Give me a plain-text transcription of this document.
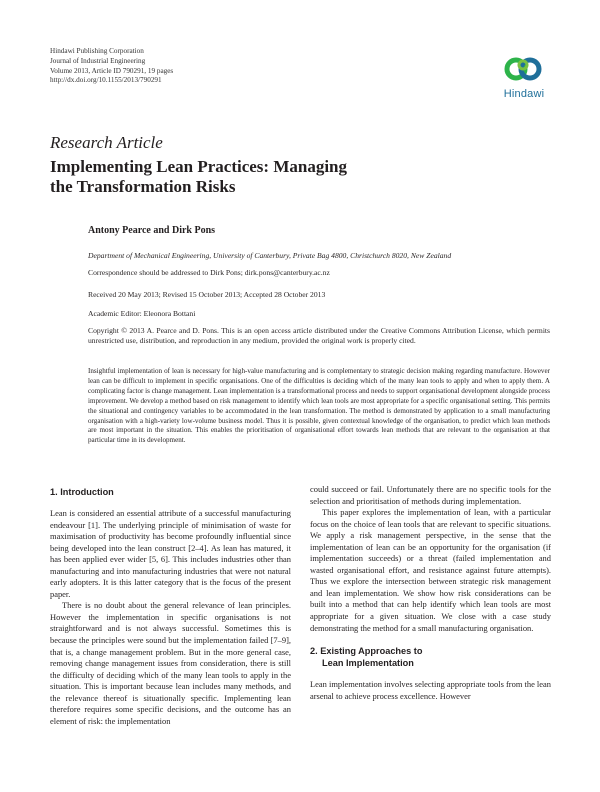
Hindawi Publishing Corporation
Journal of Industrial Engineering
Volume 2013, Article ID 790291, 19 pages
http://dx.doi.org/10.1155/2013/790291
Hindawi
Research Article
Implementing Lean Practices: Managing
the Transformation Risks
Antony Pearce and Dirk Pons
Department of Mechanical Engineering, University of Canterbury, Private Bag 4800, Christchurch 8020, New Zealand
Correspondence should be addressed to Dirk Pons; dirk.pons@canterbury.ac.nz
Received 20 May 2013; Revised 15 October 2013; Accepted 28 October 2013
Academic Editor: Eleonora Bottani
Copyright © 2013 A. Pearce and D. Pons. This is an open access article distributed under the Creative Commons Attribution License, which permits unrestricted use, distribution, and reproduction in any medium, provided the original work is properly cited.
Insightful implementation of lean is necessary for high-value manufacturing and is complementary to strategic decision making regarding manufacture. However lean can be difficult to implement in specific organisations. One of the difficulties is deciding which of the many lean tools to apply and when to apply them. A complicating factor is change management. Lean implementation is a transformational process and needs to support organisational development alongside process improvement. We develop a method based on risk management to identify which lean tools are most appropriate for a specific organisational setting. This permits the situational and contingency variables to be accommodated in the lean transformation. The method is demonstrated by application to a small manufacturing organisation with a high-variety low-volume business model. Thus it is possible, given contextual knowledge of the organisation, to predict which lean methods are most important in the situation. This enables the prioritisation of organisational effort towards lean methods that are relevant to the organisation at that particular time in its development.
1. Introduction

Lean is considered an essential attribute of a successful manufacturing endeavour [1]. The underlying principle of minimisation of waste for maximisation of productivity has become profoundly influential since being developed into the lean construct [2–4]. As lean has matured, it has been applied ever wider [5, 6]. This includes industries other than manufacturing and into manufacturing industries that were not natural early adopters. It is this latter category that is the focus of the present paper.

There is no doubt about the general relevance of lean principles. However the implementation in specific organisations is not straightforward and is not always successful. Sometimes this is because the principles were sound but the implementation failed [7–9], that is, a change management problem. But in the more general case, removing change management issues from consideration, there is still the difficulty of deciding which of the many lean tools to apply in the situation. This is important because lean includes many methods, and the relevance thereof is situationally specific. Implementing lean therefore requires some specific decisions, and the outcome has an element of risk: the implementation

could succeed or fail. Unfortunately there are no specific tools for the selection and prioritisation of methods during implementation.

This paper explores the implementation of lean, with a particular focus on the choice of lean tools that are relevant to specific situations. We apply a risk management perspective, in the sense that the implementation of lean can be an opportunity for the organisation (if implementation succeeds) or a threat (failed implementation and wasted organisational effort, and resistance against future attempts). Thus we explore the intersection between strategic risk management and lean implementation. We show how risk considerations can be built into a method that can help identify which lean tools are most appropriate for a given situation. We close with a case study demonstrating the method for a small manufacturing organisation.

2. Existing Approaches to
Lean Implementation

Lean implementation involves selecting appropriate tools from the lean arsenal to achieve process excellence. However
